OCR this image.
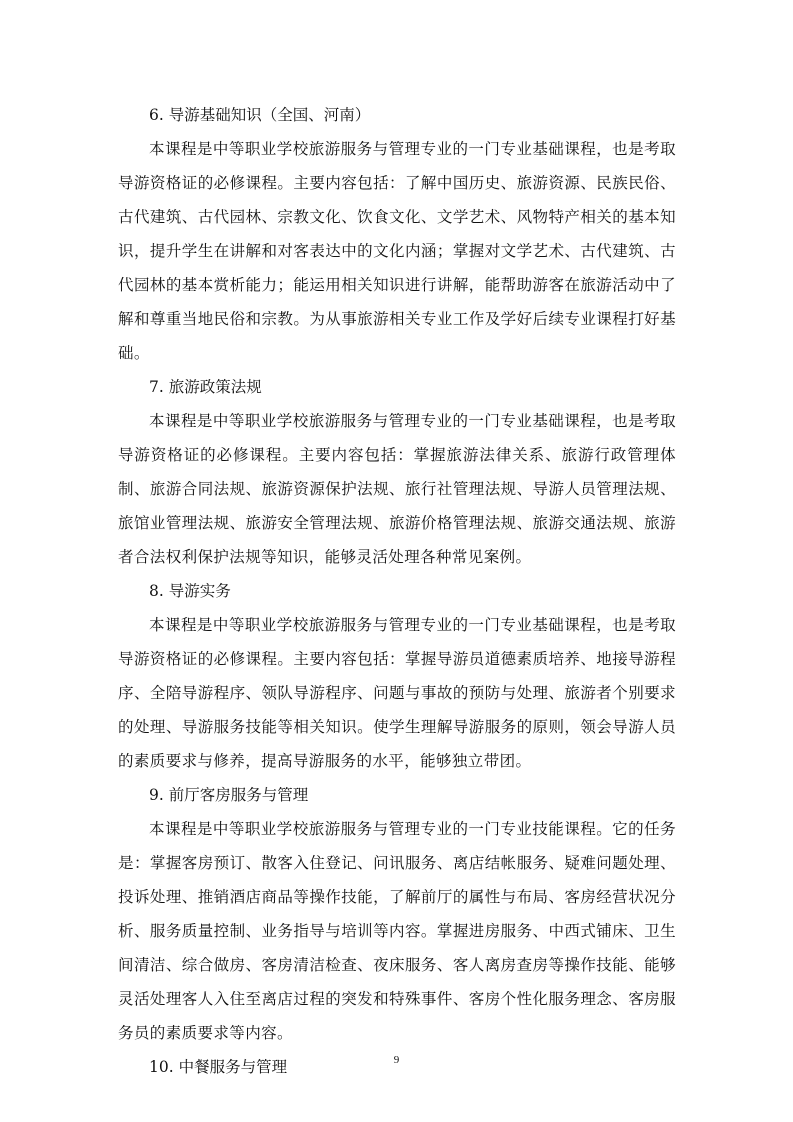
6. 导游基础知识（全国、河南）

本课程是中等职业学校旅游服务与管理专业的一门专业基础课程，也是考取导游资格证的必修课程。主要内容包括：了解中国历史、旅游资源、民族民俗、古代建筑、古代园林、宗教文化、饮食文化、文学艺术、风物特产相关的基本知识，提升学生在讲解和对客表达中的文化内涵；掌握对文学艺术、古代建筑、古代园林的基本赏析能力；能运用相关知识进行讲解，能帮助游客在旅游活动中了解和尊重当地民俗和宗教。为从事旅游相关专业工作及学好后续专业课程打好基础。

7. 旅游政策法规

本课程是中等职业学校旅游服务与管理专业的一门专业基础课程，也是考取导游资格证的必修课程。主要内容包括：掌握旅游法律关系、旅游行政管理体制、旅游合同法规、旅游资源保护法规、旅行社管理法规、导游人员管理法规、旅馆业管理法规、旅游安全管理法规、旅游价格管理法规、旅游交通法规、旅游者合法权利保护法规等知识，能够灵活处理各种常见案例。

8. 导游实务

本课程是中等职业学校旅游服务与管理专业的一门专业基础课程，也是考取导游资格证的必修课程。主要内容包括：掌握导游员道德素质培养、地接导游程序、全陪导游程序、领队导游程序、问题与事故的预防与处理、旅游者个别要求的处理、导游服务技能等相关知识。使学生理解导游服务的原则，领会导游人员的素质要求与修养，提高导游服务的水平，能够独立带团。

9. 前厅客房服务与管理

本课程是中等职业学校旅游服务与管理专业的一门专业技能课程。它的任务是：掌握客房预订、散客入住登记、问讯服务、离店结帐服务、疑难问题处理、投诉处理、推销酒店商品等操作技能，了解前厅的属性与布局、客房经营状况分析、服务质量控制、业务指导与培训等内容。掌握进房服务、中西式铺床、卫生间清洁、综合做房、客房清洁检查、夜床服务、客人离房查房等操作技能、能够灵活处理客人入住至离店过程的突发和特殊事件、客房个性化服务理念、客房服务员的素质要求等内容。

10. 中餐服务与管理	9
